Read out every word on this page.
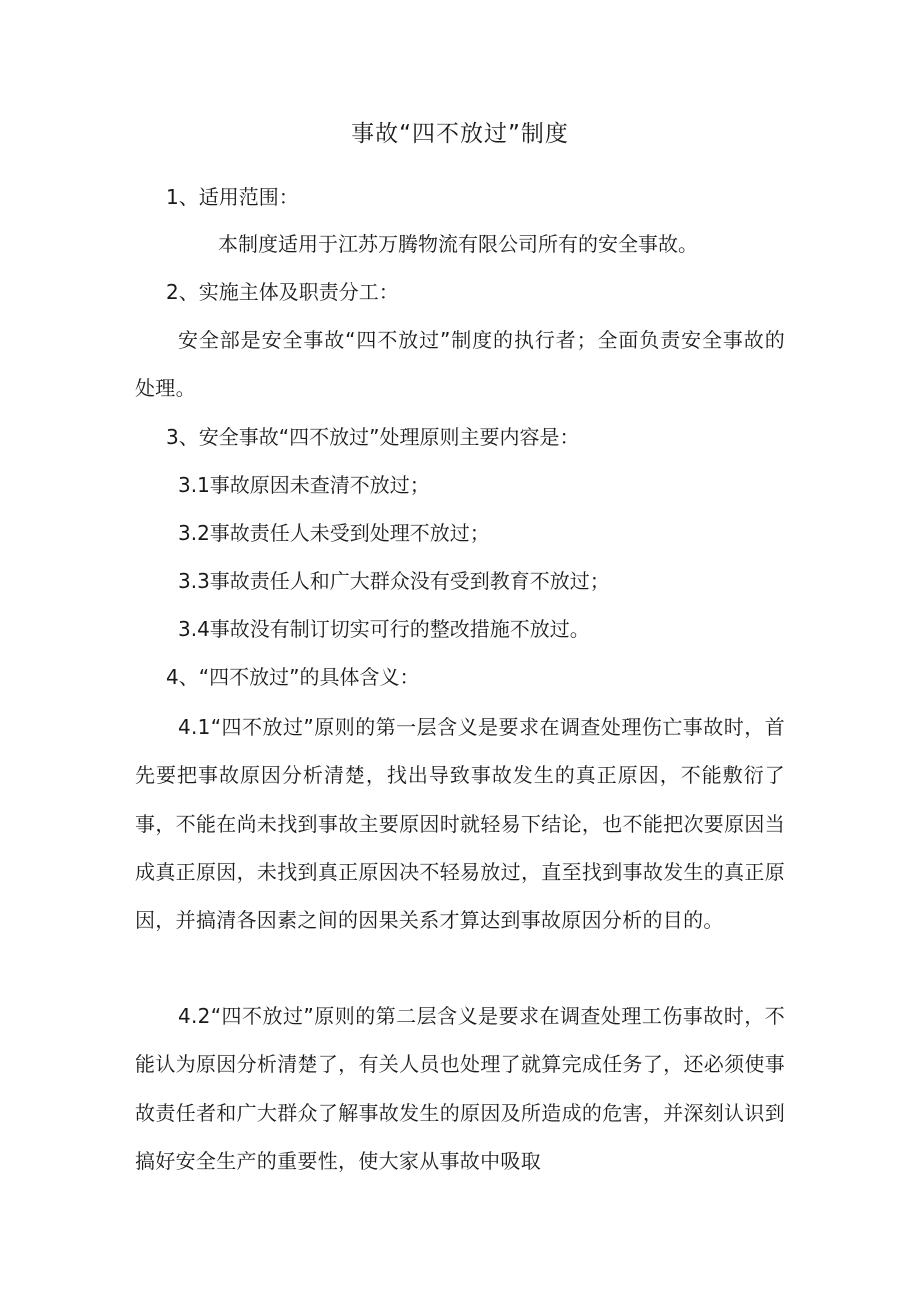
事故“四不放过”制度
1、适用范围：
本制度适用于江苏万腾物流有限公司所有的安全事故。
2、实施主体及职责分工：
安全部是安全事故“四不放过”制度的执行者；全面负责安全事故的处理。
3、安全事故“四不放过”处理原则主要内容是：
3.1事故原因未查清不放过；
3.2事故责任人未受到处理不放过；
3.3事故责任人和广大群众没有受到教育不放过；
3.4事故没有制订切实可行的整改措施不放过。
4、“四不放过”的具体含义：
4.1“四不放过”原则的第一层含义是要求在调查处理伤亡事故时，首先要把事故原因分析清楚，找出导致事故发生的真正原因，不能敷衍了事，不能在尚未找到事故主要原因时就轻易下结论，也不能把次要原因当成真正原因，未找到真正原因决不轻易放过，直至找到事故发生的真正原因，并搞清各因素之间的因果关系才算达到事故原因分析的目的。
4.2“四不放过”原则的第二层含义是要求在调查处理工伤事故时，不能认为原因分析清楚了，有关人员也处理了就算完成任务了，还必须使事故责任者和广大群众了解事故发生的原因及所造成的危害，并深刻认识到搞好安全生产的重要性，使大家从事故中吸取
